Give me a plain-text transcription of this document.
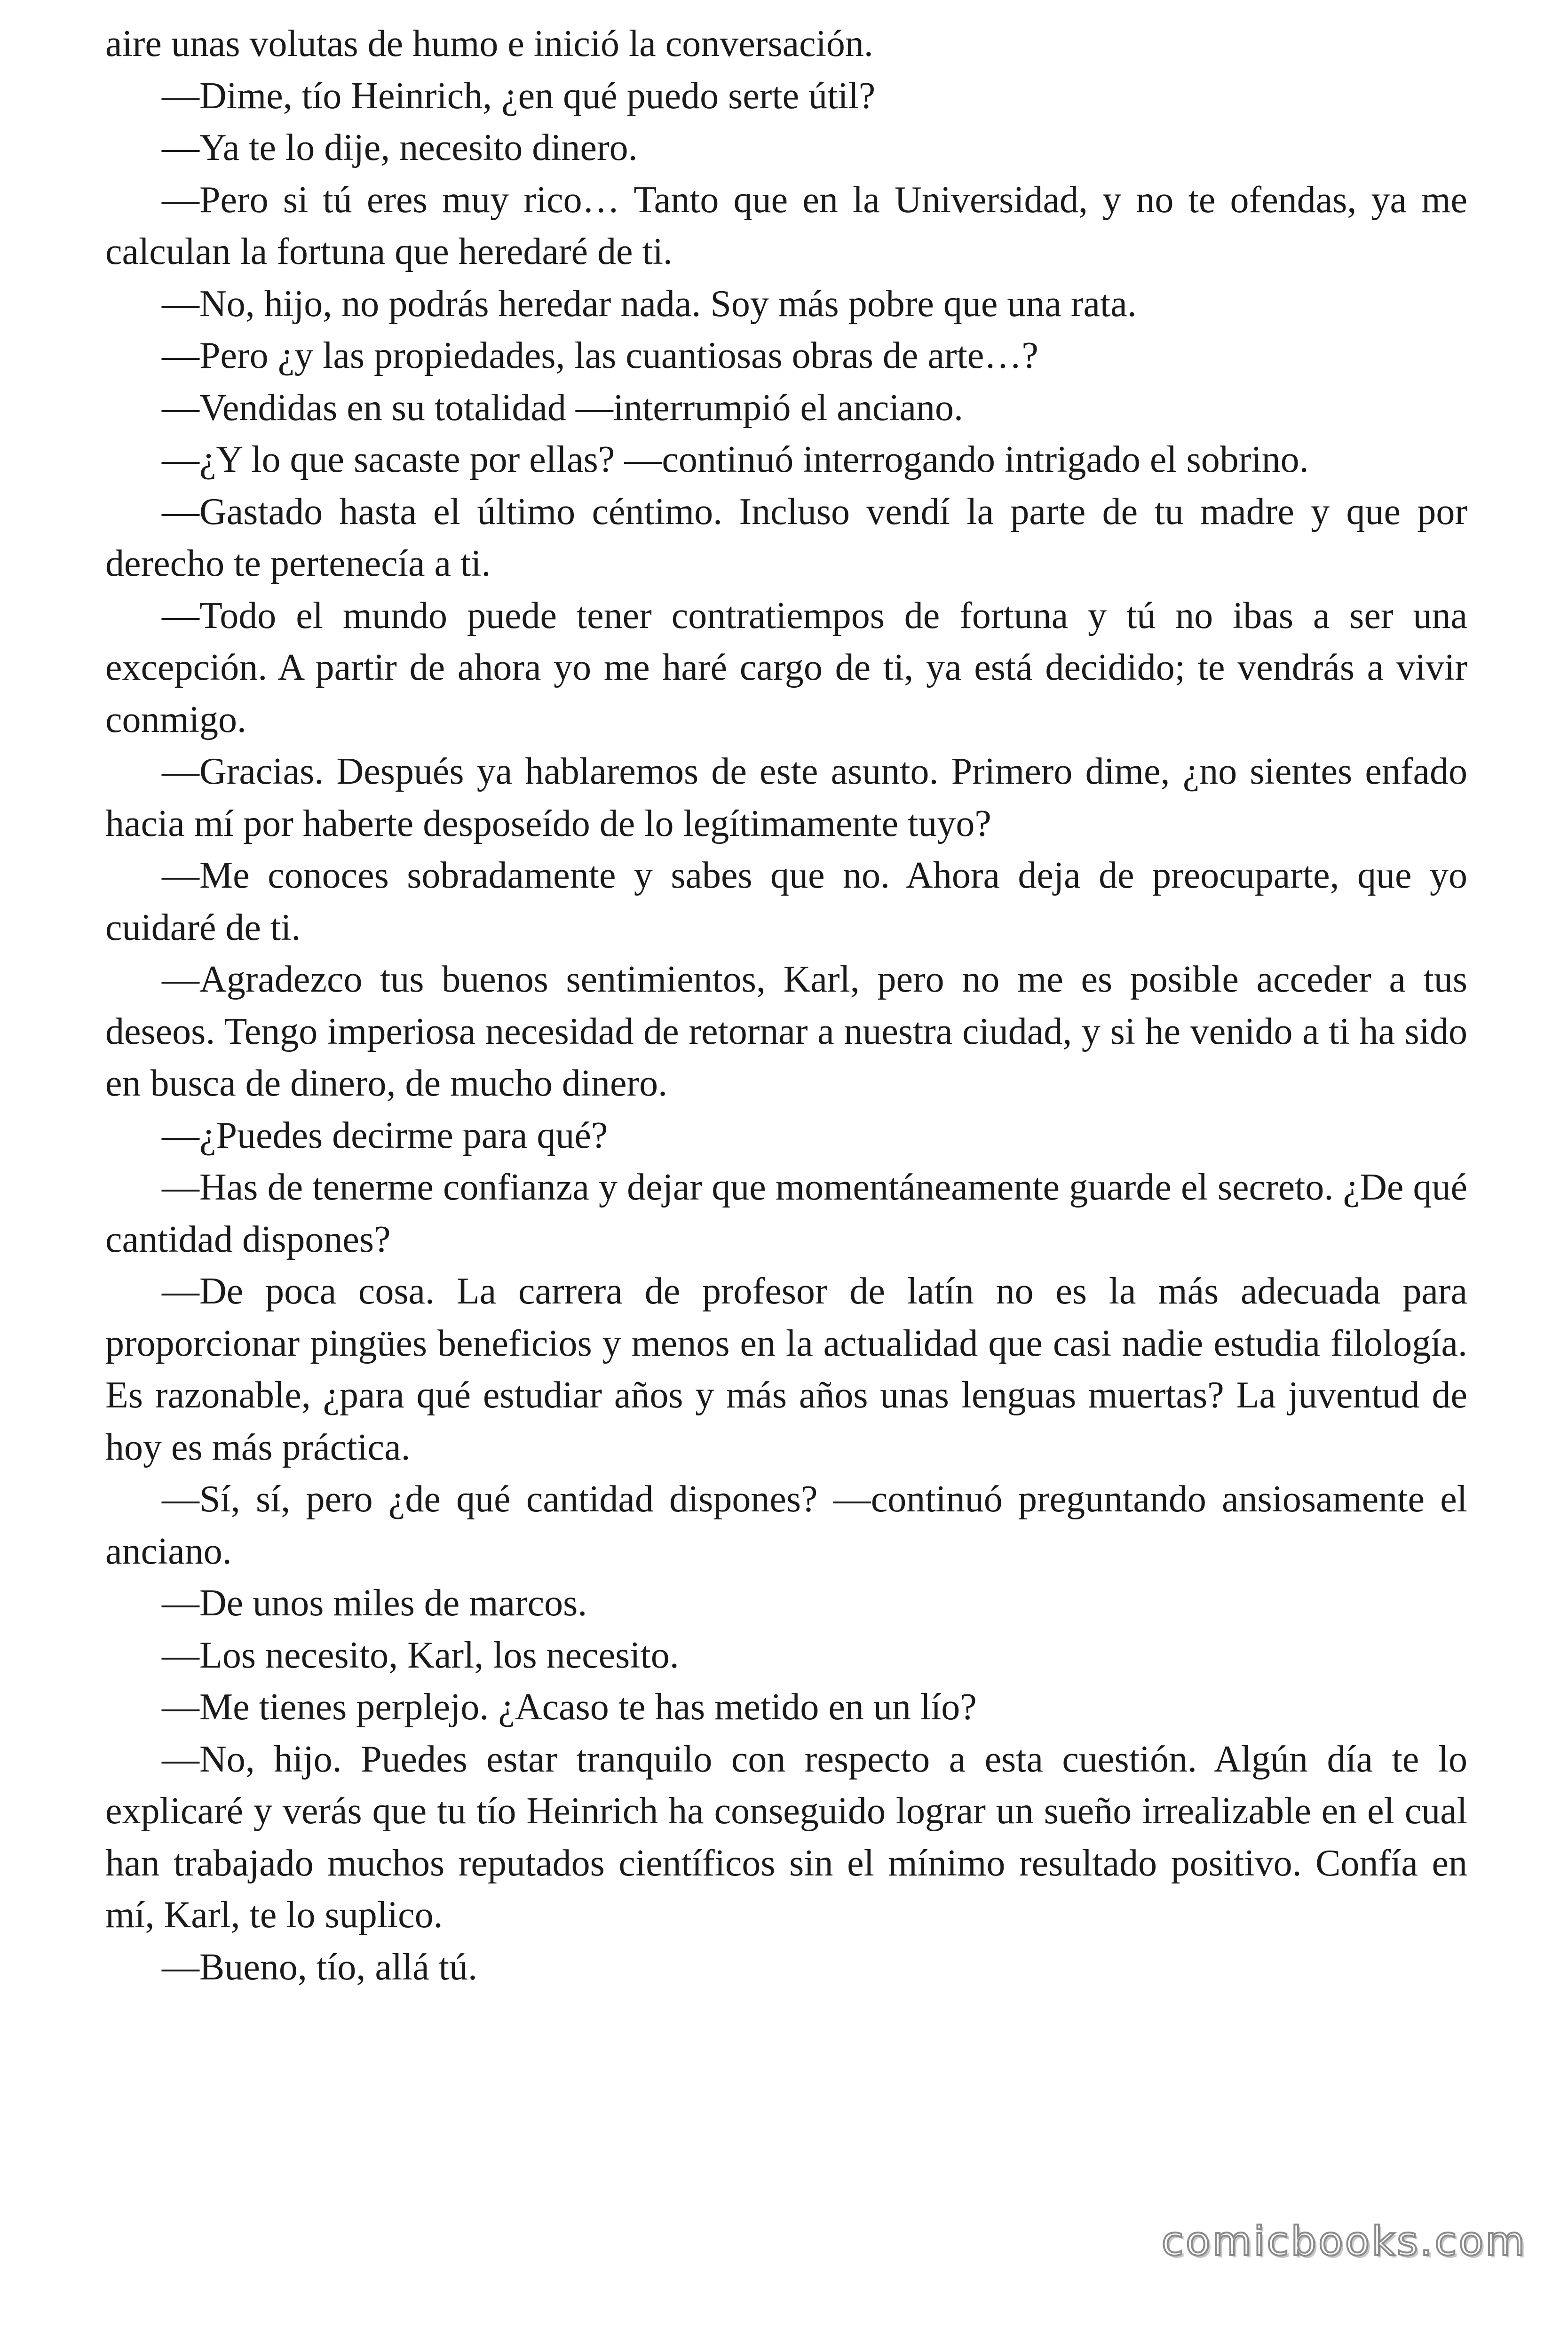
aire unas volutas de humo e inició la conversación.

—Dime, tío Heinrich, ¿en qué puedo serte útil?

—Ya te lo dije, necesito dinero.

—Pero si tú eres muy rico… Tanto que en la Universidad, y no te ofendas, ya me calculan la fortuna que heredaré de ti.

—No, hijo, no podrás heredar nada. Soy más pobre que una rata.

—Pero ¿y las propiedades, las cuantiosas obras de arte…?

—Vendidas en su totalidad —interrumpió el anciano.

—¿Y lo que sacaste por ellas? —continuó interrogando intrigado el sobrino.

—Gastado hasta el último céntimo. Incluso vendí la parte de tu madre y que por derecho te pertenecía a ti.

—Todo el mundo puede tener contratiempos de fortuna y tú no ibas a ser una excepción. A partir de ahora yo me haré cargo de ti, ya está decidido; te vendrás a vivir conmigo.

—Gracias. Después ya hablaremos de este asunto. Primero dime, ¿no sientes enfado hacia mí por haberte desposeído de lo legítimamente tuyo?

—Me conoces sobradamente y sabes que no. Ahora deja de preocuparte, que yo cuidaré de ti.

—Agradezco tus buenos sentimientos, Karl, pero no me es posible acceder a tus deseos. Tengo imperiosa necesidad de retornar a nuestra ciudad, y si he venido a ti ha sido en busca de dinero, de mucho dinero.

—¿Puedes decirme para qué?

—Has de tenerme confianza y dejar que momentáneamente guarde el secreto. ¿De qué cantidad dispones?

—De poca cosa. La carrera de profesor de latín no es la más adecuada para proporcionar pingües beneficios y menos en la actualidad que casi nadie estudia filología. Es razonable, ¿para qué estudiar años y más años unas lenguas muertas? La juventud de hoy es más práctica.

—Sí, sí, pero ¿de qué cantidad dispones? —continuó preguntando ansiosamente el anciano.

—De unos miles de marcos.

—Los necesito, Karl, los necesito.

—Me tienes perplejo. ¿Acaso te has metido en un lío?

—No, hijo. Puedes estar tranquilo con respecto a esta cuestión. Algún día te lo explicaré y verás que tu tío Heinrich ha conseguido lograr un sueño irrealizable en el cual han trabajado muchos reputados científicos sin el mínimo resultado positivo. Confía en mí, Karl, te lo suplico.

—Bueno, tío, allá tú.

comicbooks.com
